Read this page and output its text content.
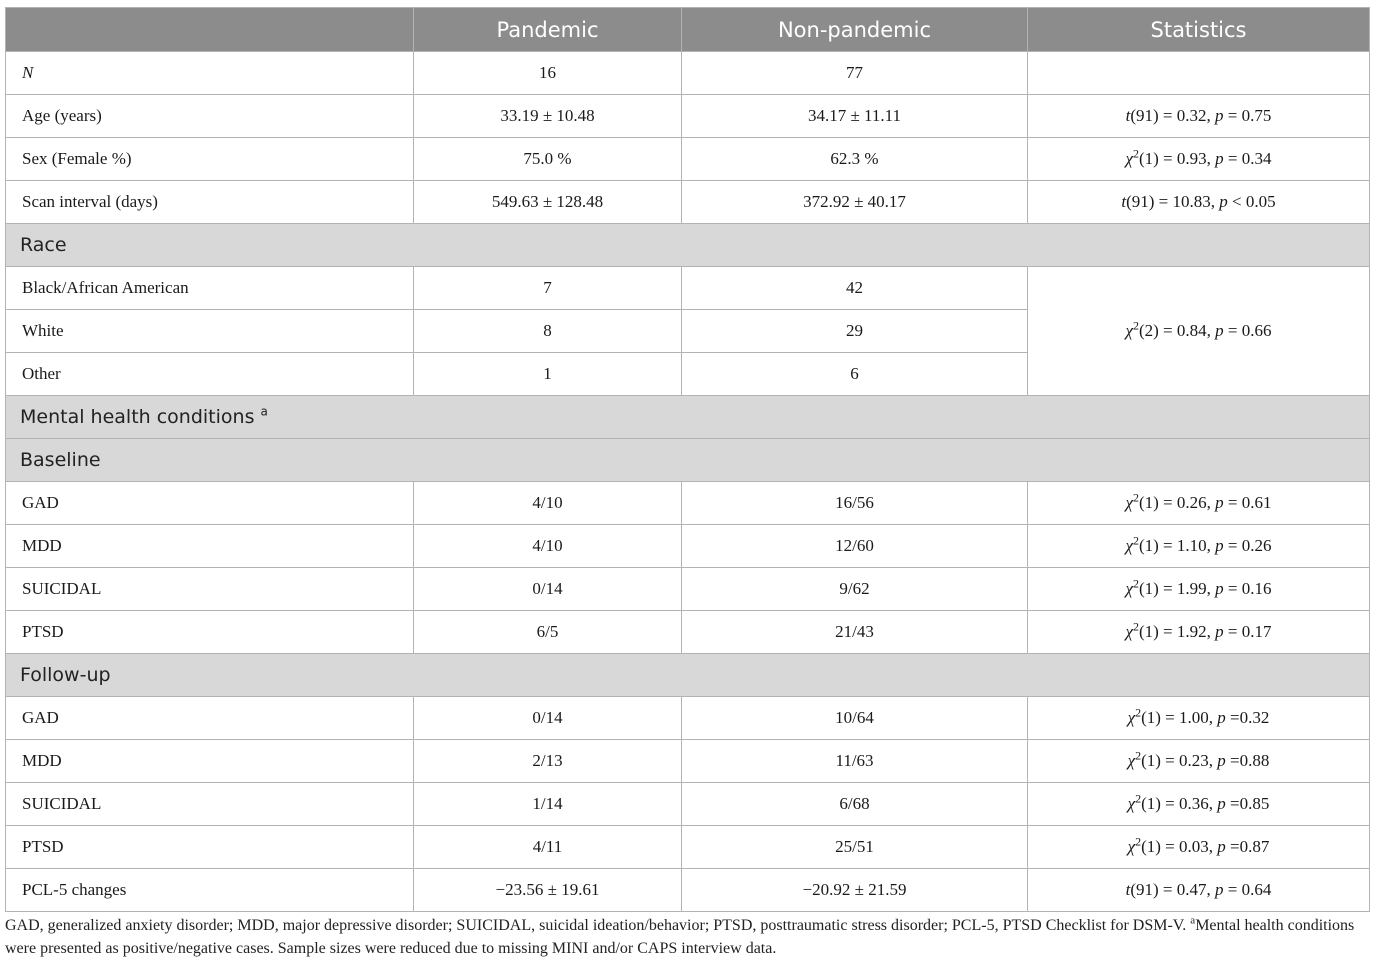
	Pandemic	Non-pandemic	Statistics
N	16	77	
Age (years)	33.19 ± 10.48	34.17 ± 11.11	t(91) = 0.32, p = 0.75
Sex (Female %)	75.0 %	62.3 %	$\chi^2(1) = 0.93$, p = 0.34
Scan interval (days)	549.63 ± 128.48	372.92 ± 40.17	t(91) = 10.83, p < 0.05
Race			
Black/African American	7	42	$\chi^2(2) = 0.84$, p = 0.66
White	8	29	
Other	1	6	
Mental health conditions $^a$
Baseline			
GAD	4/10	16/56	$\chi^2(1) = 0.26$, p = 0.61
MDD	4/10	12/60	$\chi^2(1) = 1.10$, p = 0.26
SUICIDAL	0/14	9/62	$\chi^2(1) = 1.99$, p = 0.16
PTSD	6/5	21/43	$\chi^2(1) = 1.92$, p = 0.17
Follow-up			
GAD	0/14	10/64	$\chi^2(1) = 1.00$, p =0.32
MDD	2/13	11/63	$\chi^2(1) = 0.23$, p =0.88
SUICIDAL	1/14	6/68	$\chi^2(1) = 0.36$, p =0.85
PTSD	4/11	25/51	$\chi^2(1) = 0.03$, p =0.87
PCL-5 changes	−23.56 ± 19.61	−20.92 ± 21.59	t(91) = 0.47, p = 0.64
GAD, generalized anxiety disorder; MDD, major depressive disorder; SUICIDAL, suicidal ideation/behavior; PTSD, posttraumatic stress disorder; PCL-5, PTSD Checklist for DSM-V. $^a$Mental health conditions were presented as positive/negative cases. Sample sizes were reduced due to missing MINI and/or CAPS interview data.
